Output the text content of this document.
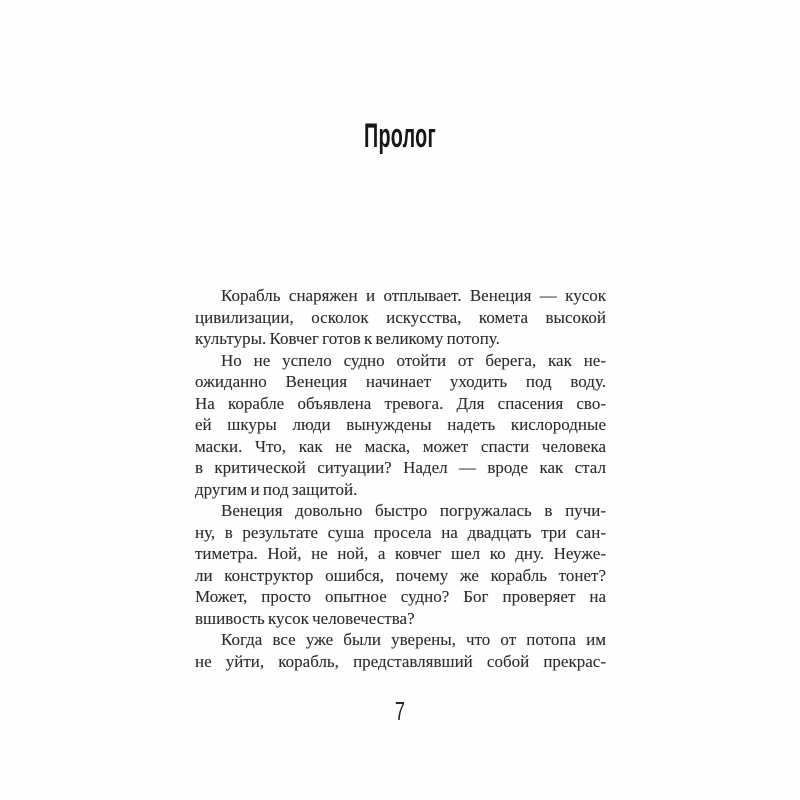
Пролог
Корабль снаряжен и отплывает. Венеция — кусок
цивилизации, осколок искусства, комета высокой
культуры. Ковчег готов к великому потопу.
Но не успело судно отойти от берега, как не-
ожиданно Венеция начинает уходить под воду.
На корабле объявлена тревога. Для спасения сво-
ей шкуры люди вынуждены надеть кислородные
маски. Что, как не маска, может спасти человека
в критической ситуации? Надел — вроде как стал
другим и под защитой.
Венеция довольно быстро погружалась в пучи-
ну, в результате суша просела на двадцать три сан-
тиметра. Ной, не ной, а ковчег шел ко дну. Неуже-
ли конструктор ошибся, почему же корабль тонет?
Может, просто опытное судно? Бог проверяет на
вшивость кусок человечества?
Когда все уже были уверены, что от потопа им
не уйти, корабль, представлявший собой прекрас-
7
